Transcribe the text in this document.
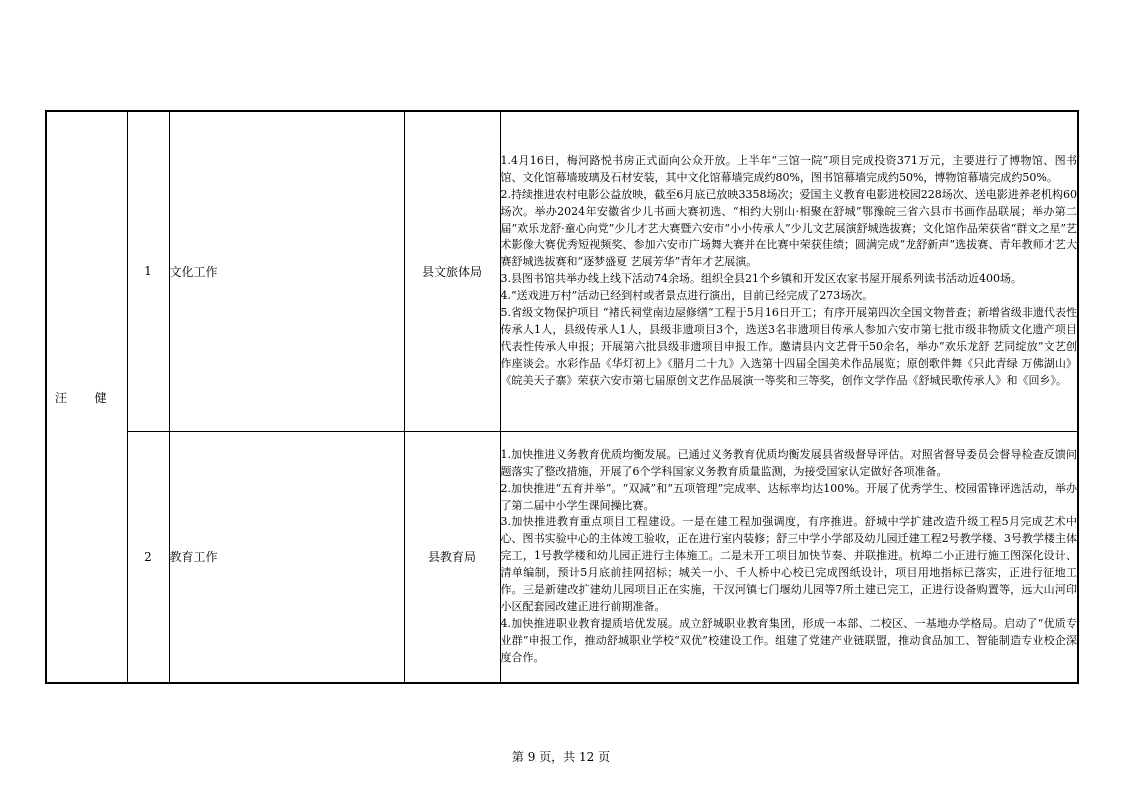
汪 健	1	文化工作	县文旅体局	1.4月16日，梅河路悦书房正式面向公众开放。上半年“三馆一院”项目完成投资371万元，主要进行了博物馆、图书馆、文化馆幕墙玻璃及石材安装，其中文化馆幕墙完成约80%，图书馆幕墙完成约50%，博物馆幕墙完成约50%。

2.持续推进农村电影公益放映，截至6月底已放映3358场次；爱国主义教育电影进校园228场次、送电影进养老机构60场次。举办2024年安徽省少儿书画大赛初选、“相约大别山·相聚在舒城”鄂豫皖三省六县市书画作品联展；举办第二届“欢乐龙舒·童心向党”少儿才艺大赛暨六安市“小小传承人”少儿文艺展演舒城选拔赛；文化馆作品荣获省“群文之星”艺术影像大赛优秀短视频奖、参加六安市广场舞大赛并在比赛中荣获佳绩；圆满完成“龙舒新声”选拔赛、青年教师才艺大赛舒城选拔赛和“逐梦盛夏 艺展芳华”青年才艺展演。

3.县图书馆共举办线上线下活动74余场。组织全县21个乡镇和开发区农家书屋开展系列读书活动近400场。

4.“送戏进万村”活动已经到村或者景点进行演出，目前已经完成了273场次。

5.省级文物保护项目 “褚氏祠堂南边屋修缮”工程于5月16日开工；有序开展第四次全国文物普查；新增省级非遗代表性传承人1人，县级传承人1人，县级非遗项目3个，选送3名非遗项目传承人参加六安市第七批市级非物质文化遗产项目代表性传承人申报；开展第六批县级非遗项目申报工作。邀请县内文艺骨干50余名，举办“欢乐龙舒 艺同绽放”文艺创作座谈会。水彩作品《华灯初上》《腊月二十九》入选第十四届全国美术作品展览；原创歌伴舞《只此青绿 万佛湖山》《皖美天子寨》荣获六安市第七届原创文艺作品展演一等奖和三等奖，创作文学作品《舒城民歌传承人》和《回乡》。

	2	教育工作	县教育局	1.加快推进义务教育优质均衡发展。已通过义务教育优质均衡发展县省级督导评估。对照省督导委员会督导检查反馈问题落实了整改措施，开展了6个学科国家义务教育质量监测，为接受国家认定做好各项准备。

2.加快推进“五育并举”。“双减”和“五项管理”完成率、达标率均达100%。开展了优秀学生、校园雷锋评选活动，举办了第二届中小学生课间操比赛。

3.加快推进教育重点项目工程建设。一是在建工程加强调度，有序推进。舒城中学扩建改造升级工程5月完成艺术中心、图书实验中心的主体竣工验收，正在进行室内装修；舒三中学小学部及幼儿园迁建工程2号教学楼、3号教学楼主体完工，1号教学楼和幼儿园正进行主体施工。二是未开工项目加快节奏、并联推进。杭埠二小正进行施工图深化设计、清单编制，预计5月底前挂网招标；城关一小、千人桥中心校已完成图纸设计，项目用地指标已落实，正进行征地工作。三是新建改扩建幼儿园项目正在实施，干汊河镇七门堰幼儿园等7所土建已完工，正进行设备购置等，远大山河印小区配套园改建正进行前期准备。

4.加快推进职业教育提质培优发展。成立舒城职业教育集团，形成一本部、二校区、一基地办学格局。启动了“优质专业群”申报工作，推动舒城职业学校“双优”校建设工作。组建了党建产业链联盟，推动食品加工、智能制造专业校企深度合作。

第 9 页，共 12 页
